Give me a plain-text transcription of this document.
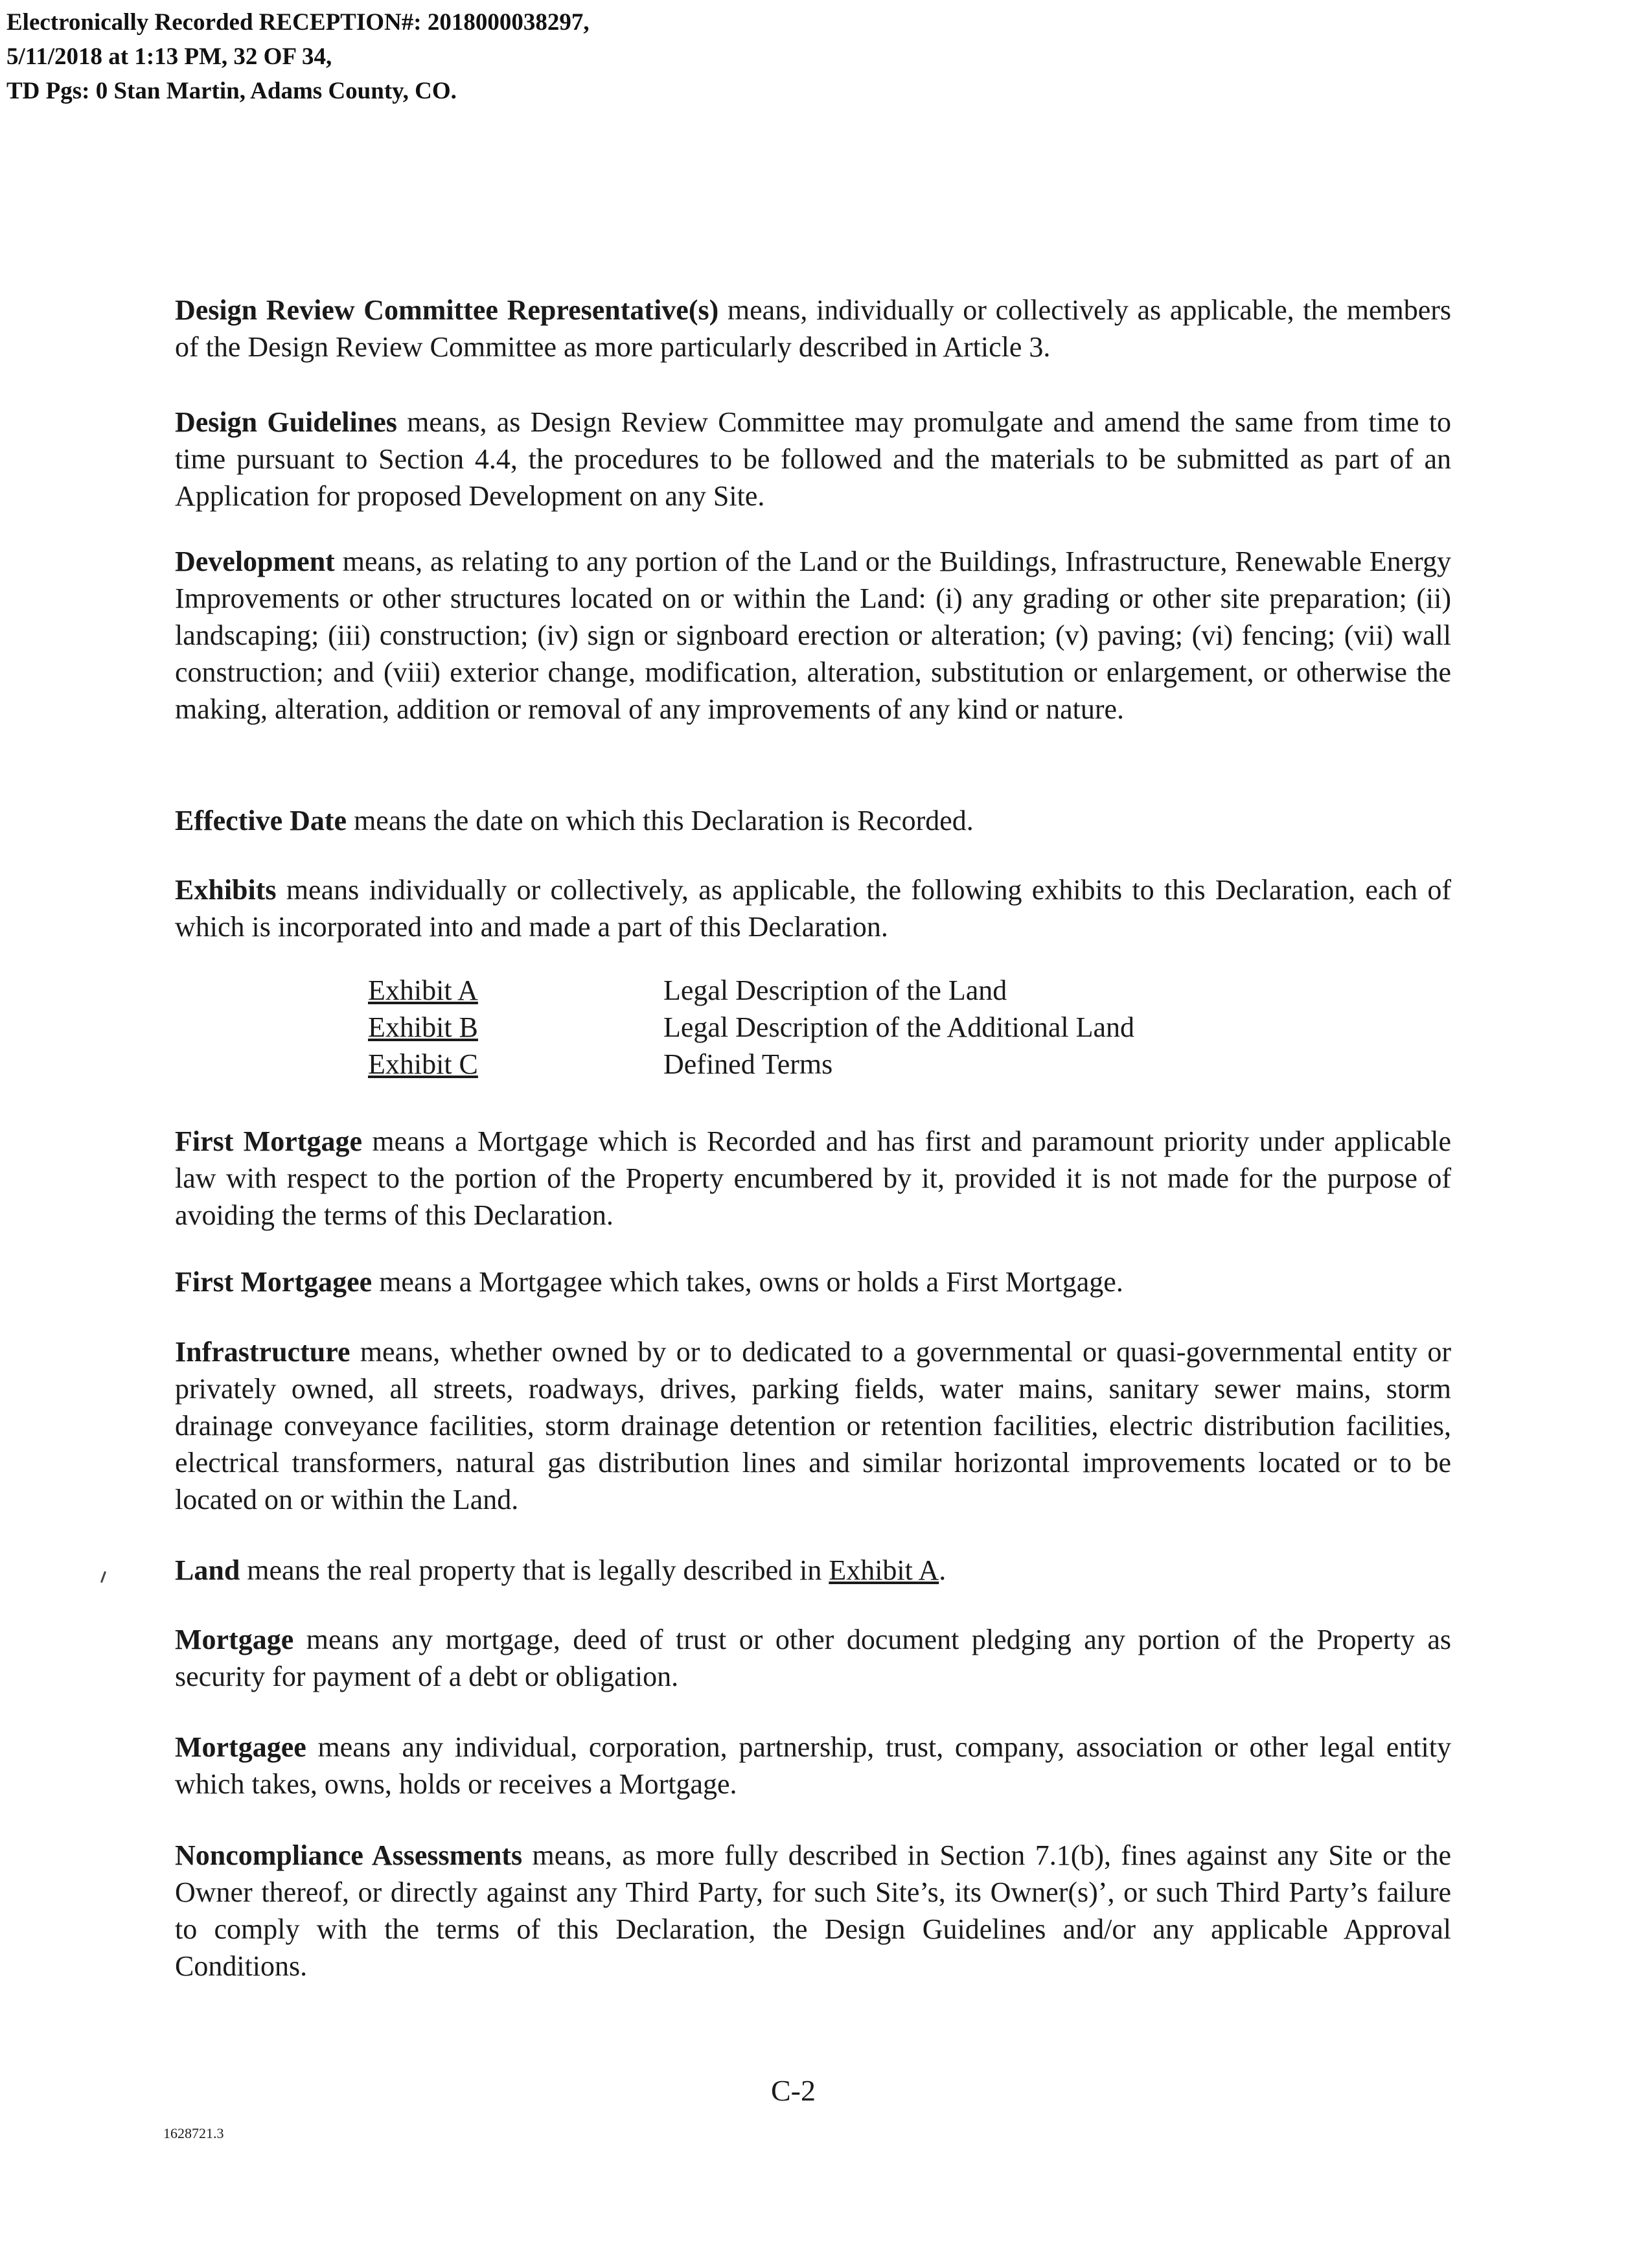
Electronically Recorded RECEPTION#: 2018000038297,
5/11/2018 at 1:13 PM, 32 OF 34,
TD Pgs: 0 Stan Martin, Adams County, CO.

Design Review Committee Representative(s) means, individually or collectively as applicable, the members of the Design Review Committee as more particularly described in Article 3.

Design Guidelines means, as Design Review Committee may promulgate and amend the same from time to time pursuant to Section 4.4, the procedures to be followed and the materials to be submitted as part of an Application for proposed Development on any Site.

Development means, as relating to any portion of the Land or the Buildings, Infrastructure, Renewable Energy Improvements or other structures located on or within the Land: (i) any grading or other site preparation; (ii) landscaping; (iii) construction; (iv) sign or signboard erection or alteration; (v) paving; (vi) fencing; (vii) wall construction; and (viii) exterior change, modification, alteration, substitution or enlargement, or otherwise the making, alteration, addition or removal of any improvements of any kind or nature.

Effective Date means the date on which this Declaration is Recorded.

Exhibits means individually or collectively, as applicable, the following exhibits to this Declaration, each of which is incorporated into and made a part of this Declaration.

Exhibit A	Legal Description of the Land
Exhibit B	Legal Description of the Additional Land
Exhibit C	Defined Terms

First Mortgage means a Mortgage which is Recorded and has first and paramount priority under applicable law with respect to the portion of the Property encumbered by it, provided it is not made for the purpose of avoiding the terms of this Declaration.

First Mortgagee means a Mortgagee which takes, owns or holds a First Mortgage.

Infrastructure means, whether owned by or to dedicated to a governmental or quasi-governmental entity or privately owned, all streets, roadways, drives, parking fields, water mains, sanitary sewer mains, storm drainage conveyance facilities, storm drainage detention or retention facilities, electric distribution facilities, electrical transformers, natural gas distribution lines and similar horizontal improvements located or to be located on or within the Land.

Land means the real property that is legally described in Exhibit A.

Mortgage means any mortgage, deed of trust or other document pledging any portion of the Property as security for payment of a debt or obligation.

Mortgagee means any individual, corporation, partnership, trust, company, association or other legal entity which takes, owns, holds or receives a Mortgage.

Noncompliance Assessments means, as more fully described in Section 7.1(b), fines against any Site or the Owner thereof, or directly against any Third Party, for such Site’s, its Owner(s)’, or such Third Party’s failure to comply with the terms of this Declaration, the Design Guidelines and/or any applicable Approval Conditions.

C-2
1628721.3
